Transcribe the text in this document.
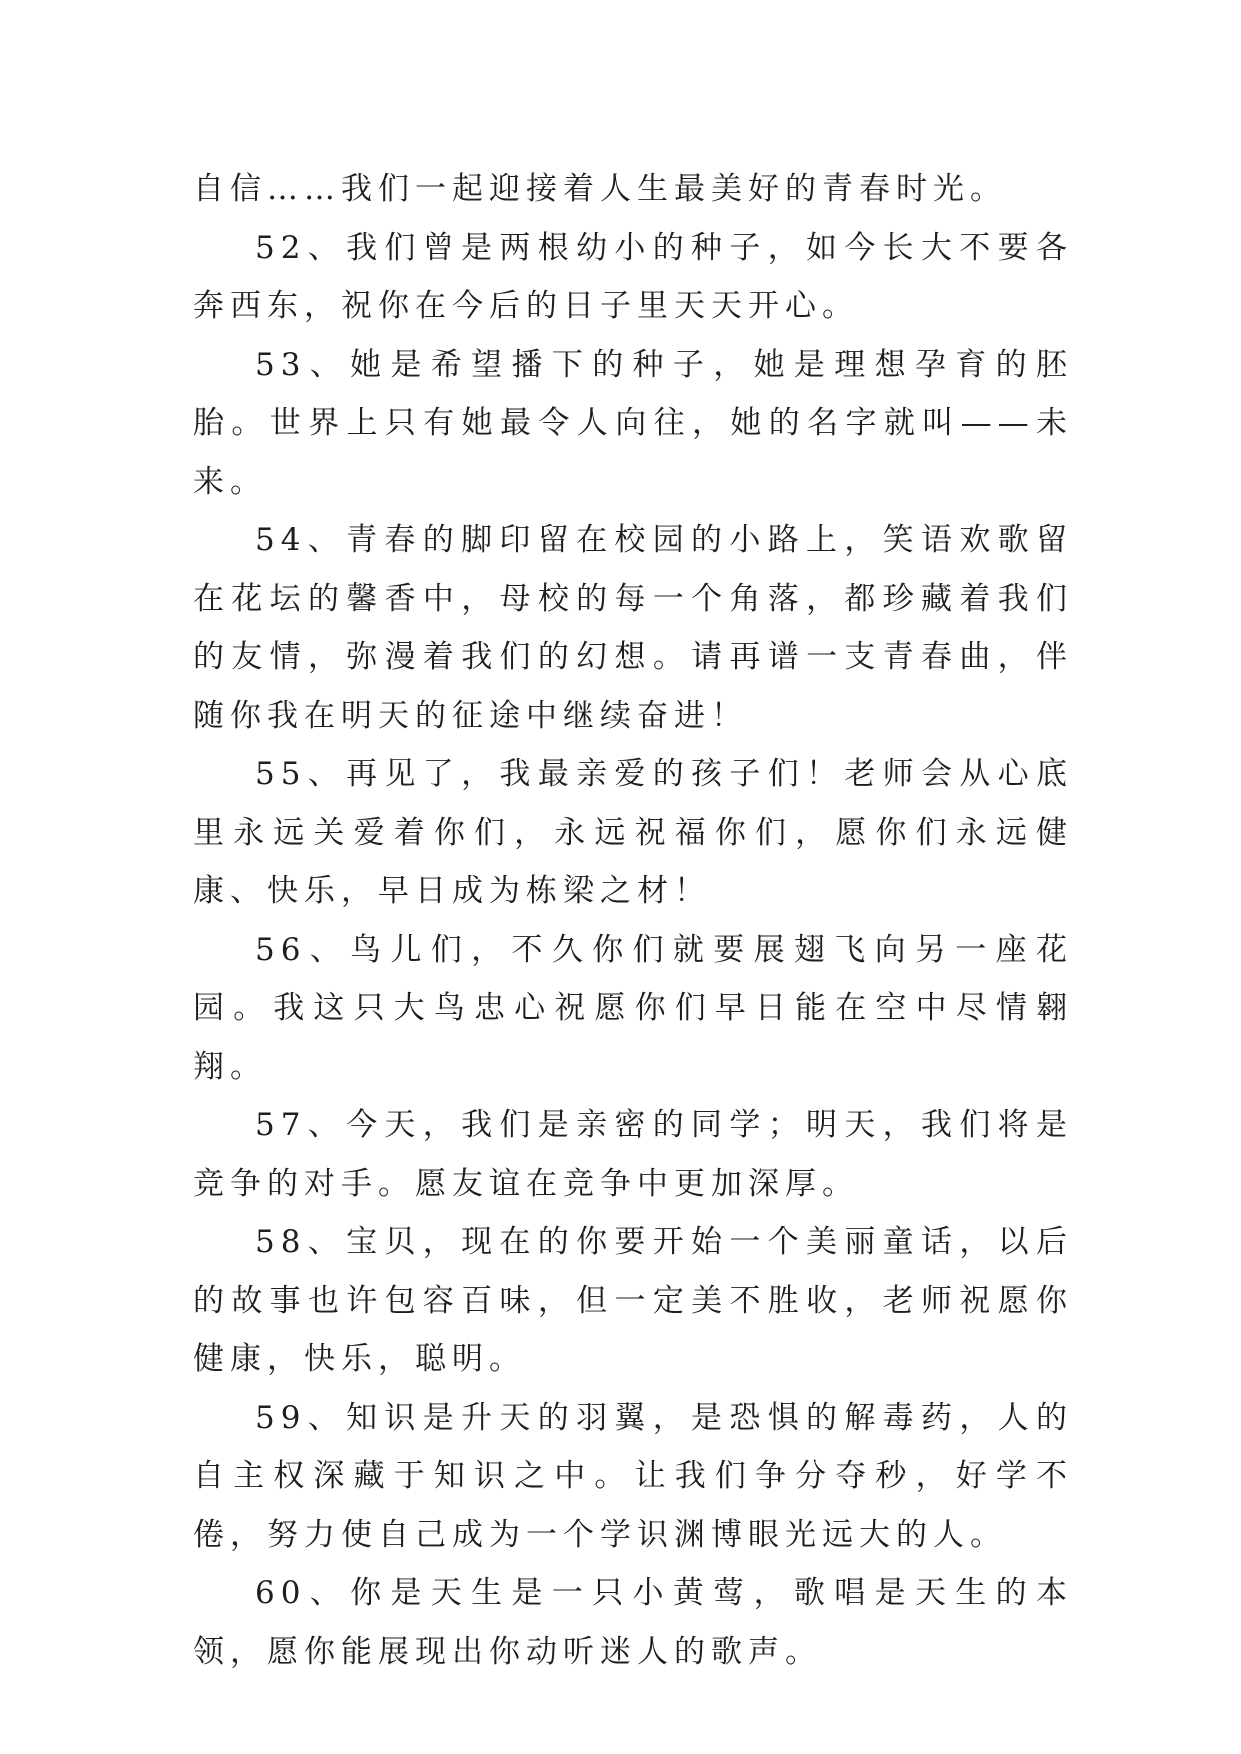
自信……我们一起迎接着人生最美好的青春时光。

52、我们曾是两根幼小的种子，如今长大不要各奔西东，祝你在今后的日子里天天开心。

53、她是希望播下的种子，她是理想孕育的胚胎。世界上只有她最令人向往，她的名字就叫——未来。

54、青春的脚印留在校园的小路上，笑语欢歌留在花坛的馨香中，母校的每一个角落，都珍藏着我们的友情，弥漫着我们的幻想。请再谱一支青春曲，伴随你我在明天的征途中继续奋进！

55、再见了，我最亲爱的孩子们！老师会从心底里永远关爱着你们，永远祝福你们，愿你们永远健康、快乐，早日成为栋梁之材！

56、鸟儿们，不久你们就要展翅飞向另一座花园。我这只大鸟忠心祝愿你们早日能在空中尽情翱翔。

57、今天，我们是亲密的同学；明天，我们将是竞争的对手。愿友谊在竞争中更加深厚。

58、宝贝，现在的你要开始一个美丽童话，以后的故事也许包容百味，但一定美不胜收，老师祝愿你健康，快乐，聪明。

59、知识是升天的羽翼，是恐惧的解毒药，人的自主权深藏于知识之中。让我们争分夺秒，好学不倦，努力使自己成为一个学识渊博眼光远大的人。

60、你是天生是一只小黄莺，歌唱是天生的本领，愿你能展现出你动听迷人的歌声。
